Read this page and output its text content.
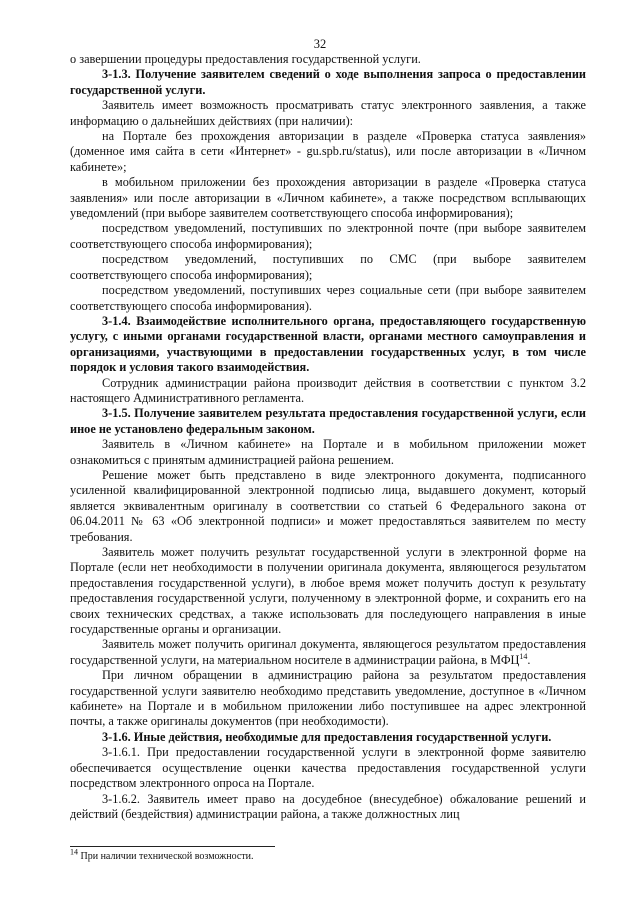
32

о завершении процедуры предоставления государственной услуги.

3-1.3. Получение заявителем сведений о ходе выполнения запроса о предоставлении государственной услуги.

Заявитель имеет возможность просматривать статус электронного заявления, а также информацию о дальнейших действиях (при наличии):

на Портале без прохождения авторизации в разделе «Проверка статуса заявления» (доменное имя сайта в сети «Интернет» - gu.spb.ru/status), или после авторизации в «Личном кабинете»;

в мобильном приложении без прохождения авторизации в разделе «Проверка статуса заявления» или после авторизации в «Личном кабинете», а также посредством всплывающих уведомлений (при выборе заявителем соответствующего способа информирования);

посредством уведомлений, поступивших по электронной почте (при выборе заявителем соответствующего способа информирования);

посредством уведомлений, поступивших по СМС (при выборе заявителем соответствующего способа информирования);

посредством уведомлений, поступивших через социальные сети (при выборе заявителем соответствующего способа информирования).

3-1.4. Взаимодействие исполнительного органа, предоставляющего государственную услугу, с иными органами государственной власти, органами местного самоуправления и организациями, участвующими в предоставлении государственных услуг, в том числе порядок и условия такого взаимодействия.

Сотрудник администрации района производит действия в соответствии с пунктом 3.2 настоящего Административного регламента.

3-1.5. Получение заявителем результата предоставления государственной услуги, если иное не установлено федеральным законом.

Заявитель в «Личном кабинете» на Портале и в мобильном приложении может ознакомиться с принятым администрацией района решением.

Решение может быть представлено в виде электронного документа, подписанного усиленной квалифицированной электронной подписью лица, выдавшего документ, который является эквивалентным оригиналу в соответствии со статьей 6 Федерального закона от 06.04.2011 № 63 «Об электронной подписи» и может предоставляться заявителем по месту требования.

Заявитель может получить результат государственной услуги в электронной форме на Портале (если нет необходимости в получении оригинала документа, являющегося результатом предоставления государственной услуги), в любое время может получить доступ к результату предоставления государственной услуги, полученному в электронной форме, и сохранить его на своих технических средствах, а также использовать для последующего направления в иные государственные органы и организации.

Заявитель может получить оригинал документа, являющегося результатом предоставления государственной услуги, на материальном носителе в администрации района, в МФЦ$^{14}$.

При личном обращении в администрацию района за результатом предоставления государственной услуги заявителю необходимо представить уведомление, доступное в «Личном кабинете» на Портале и в мобильном приложении либо поступившее на адрес электронной почты, а также оригиналы документов (при необходимости).

3-1.6. Иные действия, необходимые для предоставления государственной услуги.

3-1.6.1. При предоставлении государственной услуги в электронной форме заявителю обеспечивается осуществление оценки качества предоставления государственной услуги посредством электронного опроса на Портале.

3-1.6.2. Заявитель имеет право на досудебное (внесудебное) обжалование решений и действий (бездействия) администрации района, а также должностных лиц

$^{14}$ При наличии технической возможности.
